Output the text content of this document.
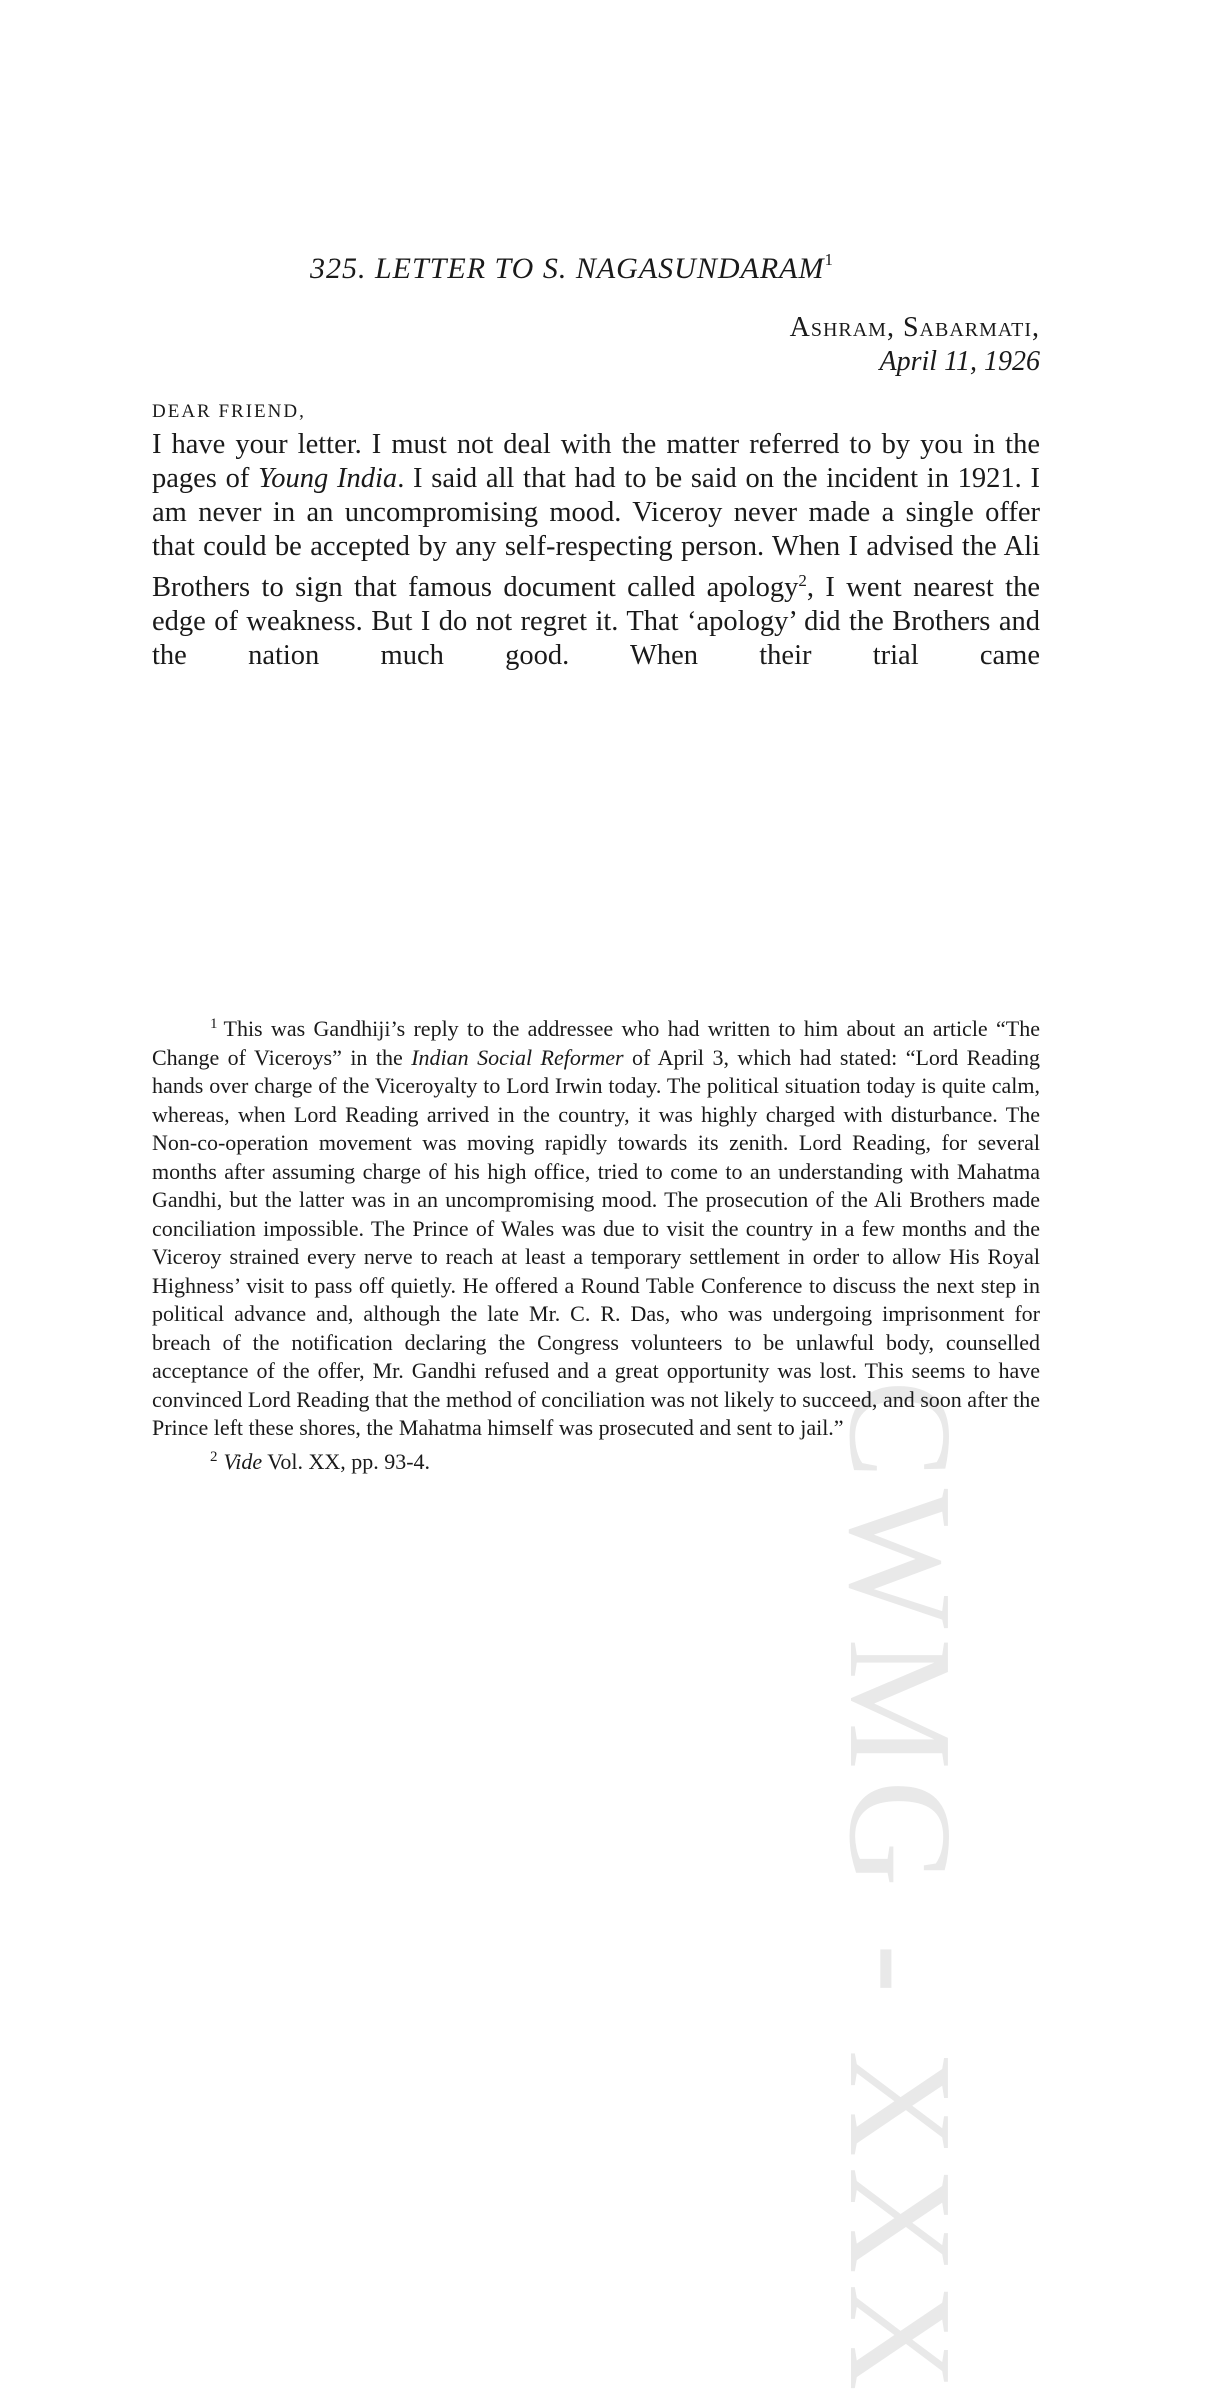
CWMG - XXX
325. LETTER TO S. NAGASUNDARAM$^1$
Ashram, Sabarmati,
April 11, 1926
DEAR FRIEND,

I have your letter. I must not deal with the matter referred to by you in the pages of Young India. I said all that had to be said on the incident in 1921. I am never in an uncompromising mood. Viceroy never made a single offer that could be accepted by any self-respecting person. When I advised the Ali Brothers to sign that famous document called apology$^2$, I went nearest the edge of weakness. But I do not regret it. That ‘apology’ did the Brothers and the nation much good. When their trial came

$^1$ This was Gandhiji’s reply to the addressee who had written to him about an article “The Change of Viceroys” in the Indian Social Reformer of April 3, which had stated: “Lord Reading hands over charge of the Viceroyalty to Lord Irwin today. The political situation today is quite calm, whereas, when Lord Reading arrived in the country, it was highly charged with disturbance. The Non-co-operation movement was moving rapidly towards its zenith. Lord Reading, for several months after assuming charge of his high office, tried to come to an understanding with Mahatma Gandhi, but the latter was in an uncompromising mood. The prosecution of the Ali Brothers made conciliation impossible. The Prince of Wales was due to visit the country in a few months and the Viceroy strained every nerve to reach at least a temporary settlement in order to allow His Royal Highness’ visit to pass off quietly. He offered a Round Table Conference to discuss the next step in political advance and, although the late Mr. C. R. Das, who was undergoing imprisonment for breach of the notification declaring the Congress volunteers to be unlawful body, counselled acceptance of the offer, Mr. Gandhi refused and a great opportunity was lost. This seems to have convinced Lord Reading that the method of conciliation was not likely to succeed, and soon after the Prince left these shores, the Mahatma himself was prosecuted and sent to jail.”

$^2$ Vide Vol. XX, pp. 93-4.
